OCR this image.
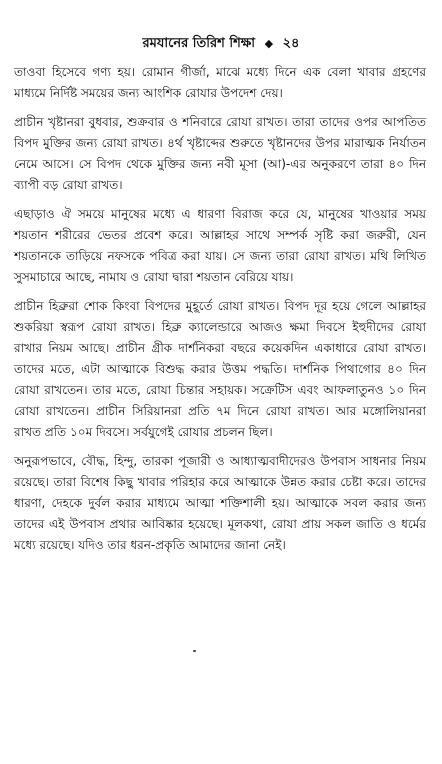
রমযানের তিরিশ শিক্ষা ◆ ২৪

তাওবা হিসেবে গণ্য হয়। রোমান গীর্জা, মাঝে মধ্যে দিনে এক বেলা খাবার গ্রহণের মাধ্যমে নির্দিষ্ট সময়ের জন্য আংশিক রোযার উপদেশ দেয়।

প্রাচীন খৃষ্টানরা বুধবার, শুক্রবার ও শনিবারে রোযা রাখত। তারা তাদের ওপর আপতিত বিপদ মুক্তির জন্য রোযা রাখত। ৪র্থ খৃষ্টাব্দের শুরুতে খৃষ্টানদের উপর মারাত্মক নির্যাতন নেমে আসে। সে বিপদ থেকে মুক্তির জন্য নবী মূসা (আ)-এর অনুকরণে তারা ৪০ দিন ব্যাপী বড় রোযা রাখত।

এছাড়াও ঐ সময়ে মানুষের মধ্যে এ ধারণা বিরাজ করে যে, মানুষের খাওয়ার সময় শয়তান শরীরের ভেতর প্রবেশ করে। আল্লাহর সাথে সম্পর্ক সৃষ্টি করা জরুরী, যেন শয়তানকে তাড়িয়ে নফসকে পবিত্র করা যায়। সে জন্য তারা রোযা রাখত। মথি লিখিত সুসমাচারে আছে, নামায ও রোযা দ্বারা শয়তান বেরিয়ে যায়।

প্রাচীন হিব্রুরা শোক কিংবা বিপদের মুহূর্তে রোযা রাখত। বিপদ দূর হয়ে গেলে আল্লাহর শুকরিয়া স্বরূপ রোযা রাখত। হিব্রু ক্যালেন্ডারে আজও ক্ষমা দিবসে ইহুদীদের রোযা রাখার নিয়ম আছে। প্রাচীন গ্রীক দার্শনিকরা বছরে কয়েকদিন একাধারে রোযা রাখত। তাদের মতে, এটা আত্মাকে বিশুদ্ধ করার উত্তম পদ্ধতি। দার্শনিক পিথাগোর ৪০ দিন রোযা রাখতেন। তার মতে, রোযা চিন্তার সহায়ক। সক্রেটিস এবং আফলাতুনও ১০ দিন রোযা রাখতেন। প্রাচীন সিরিয়ানরা প্রতি ৭ম দিনে রোযা রাখত। আর মঙ্গোলিয়ানরা রাখত প্রতি ১০ম দিবসে। সর্বযুগেই রোযার প্রচলন ছিল।

অনুরূপভাবে, বৌদ্ধ, হিন্দু, তারকা পূজারী ও আধ্যাত্মবাদীদেরও উপবাস সাধনার নিয়ম রয়েছে। তারা বিশেষ কিছু খাবার পরিহার করে আত্মাকে উন্নত করার চেষ্টা করে। তাদের ধারণা, দেহকে দুর্বল করার মাধ্যমে আত্মা শক্তিশালী হয়। আত্মাকে সবল করার জন্য তাদের এই উপবাস প্রথার আবিষ্কার হয়েছে। মূলকথা, রোযা প্রায় সকল জাতি ও ধর্মের মধ্যে রয়েছে। যদিও তার ধরন-প্রকৃতি আমাদের জানা নেই।
